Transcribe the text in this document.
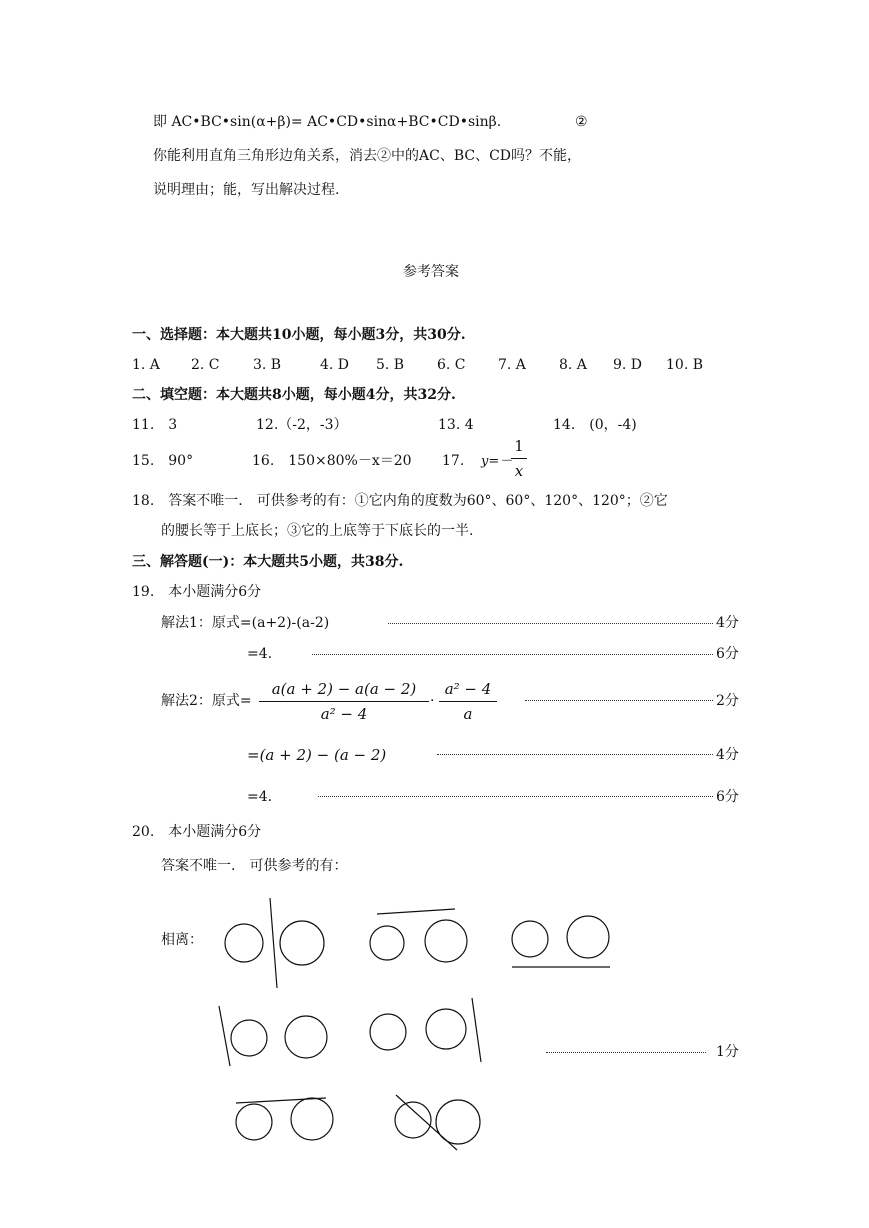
即 AC•BC•sin(α+β)= AC•CD•sinα+BC•CD•sinβ.	②
你能利用直角三角形边角关系，消去②中的AC、BC、CD吗？不能，
说明理由；能，写出解决过程.
参考答案
一、选择题：本大题共10小题，每小题3分，共30分.
1. A 2. C 3. B	4. D 5. B 6. C 7. A 8. A 9. D 10. B
二、填空题：本大题共8小题，每小题4分，共32分.
11.　3	12.（-2，-3）	13. 4	14.　(0，-4)
15.　90°	16.　150×80%－x＝20 17. y=－
$\frac{1}{x}$
18.　答案不唯一.　可供参考的有：①它内角的度数为60°、60°、120°、120°；②它
的腰长等于上底长；③它的上底等于下底长的一半.
三、解答题(一)：本大题共5小题，共38分.
19.　本小题满分6分
解法1：原式=(a+2)-(a-2)	4分
=4.	6分
解法2：原式= $\frac{a(a + 2) - a(a - 2)}{\text{a² − 4}} \cdot \frac{\text{a² − 4}}{a}$	2分
=(a + 2) − (a − 2)	4分
=4.	6分
20.　本小题满分6分
答案不唯一.　可供参考的有：
相离：
1分
